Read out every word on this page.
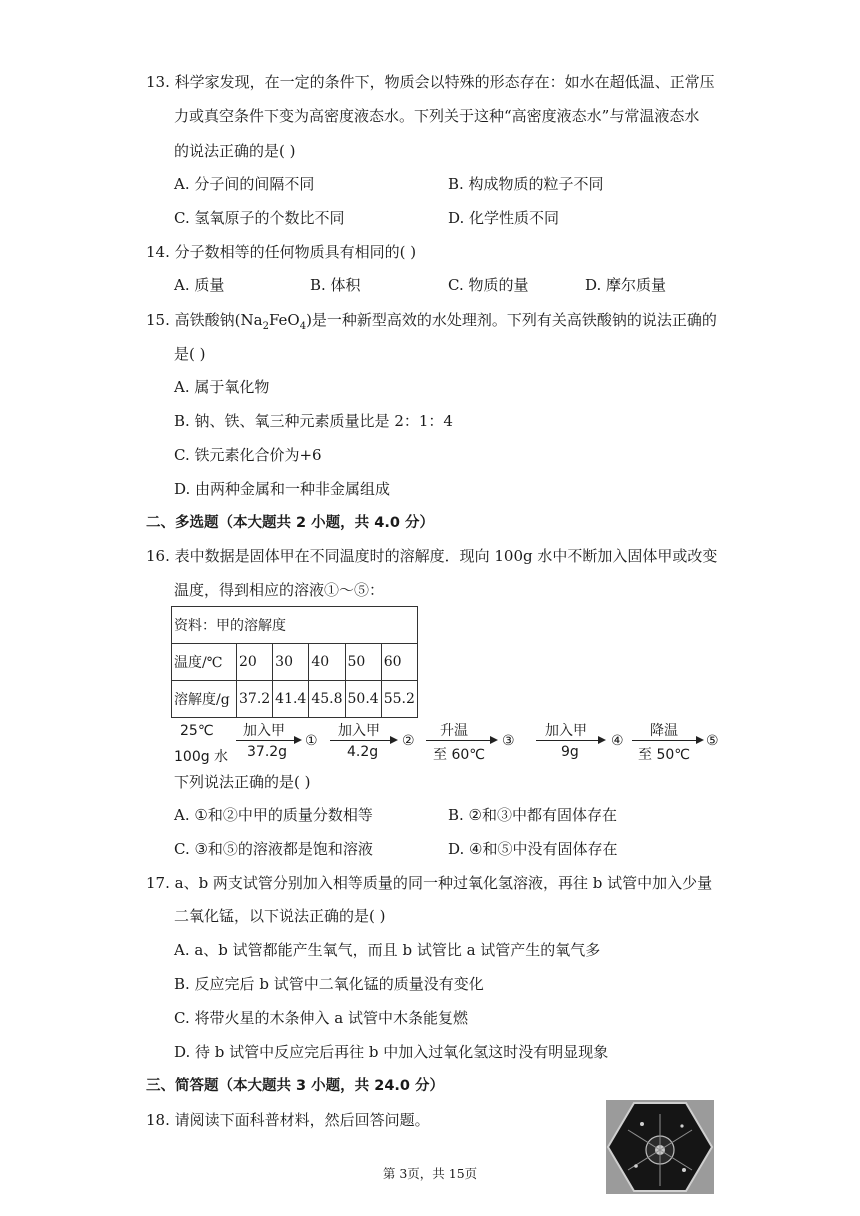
13. 科学家发现，在一定的条件下，物质会以特殊的形态存在：如水在超低温、正常压
力或真空条件下变为高密度液态水。下列关于这种“高密度液态水”与常温液态水
的说法正确的是( )
A. 分子间的间隔不同	B. 构成物质的粒子不同
C. 氢氧原子的个数比不同	D. 化学性质不同
14. 分子数相等的任何物质具有相同的( )
A. 质量	B. 体积	C. 物质的量	D. 摩尔质量
15. 高铁酸钠$(Na_2FeO_4)$是一种新型高效的水处理剂。下列有关高铁酸钠的说法正确的
是( )
A. 属于氧化物
B. 钠、铁、氧三种元素质量比是 2：1：4
C. 铁元素化合价为+6
D. 由两种金属和一种非金属组成
二、多选题（本大题共 2 小题，共 4.0 分）
16. 表中数据是固体甲在不同温度时的溶解度．现向 100g 水中不断加入固体甲或改变
温度，得到相应的溶液①～⑤：
资料：甲的溶解度					
温度/℃	20	30	40	50	60
溶解度/g	37.2	41.4	45.8	50.4	55.2
25℃
100g 水
加入甲
37.2g
①
加入甲
4.2g
②
升温
至 60℃
③
加入甲
9g
④
降温
至 50℃
⑤
下列说法正确的是( )
A. ①和②中甲的质量分数相等	B. ②和③中都有固体存在
C. ③和⑤的溶液都是饱和溶液	D. ④和⑤中没有固体存在
17. a、b 两支试管分别加入相等质量的同一种过氧化氢溶液，再往 b 试管中加入少量
二氧化锰，以下说法正确的是( )
A. a、b 试管都能产生氧气，而且 b 试管比 a 试管产生的氧气多
B. 反应完后 b 试管中二氧化锰的质量没有变化
C. 将带火星的木条伸入 a 试管中木条能复燃
D. 待 b 试管中反应完后再往 b 中加入过氧化氢这时没有明显现象
三、简答题（本大题共 3 小题，共 24.0 分）
18. 请阅读下面科普材料，然后回答问题。
第 3页，共 15页
